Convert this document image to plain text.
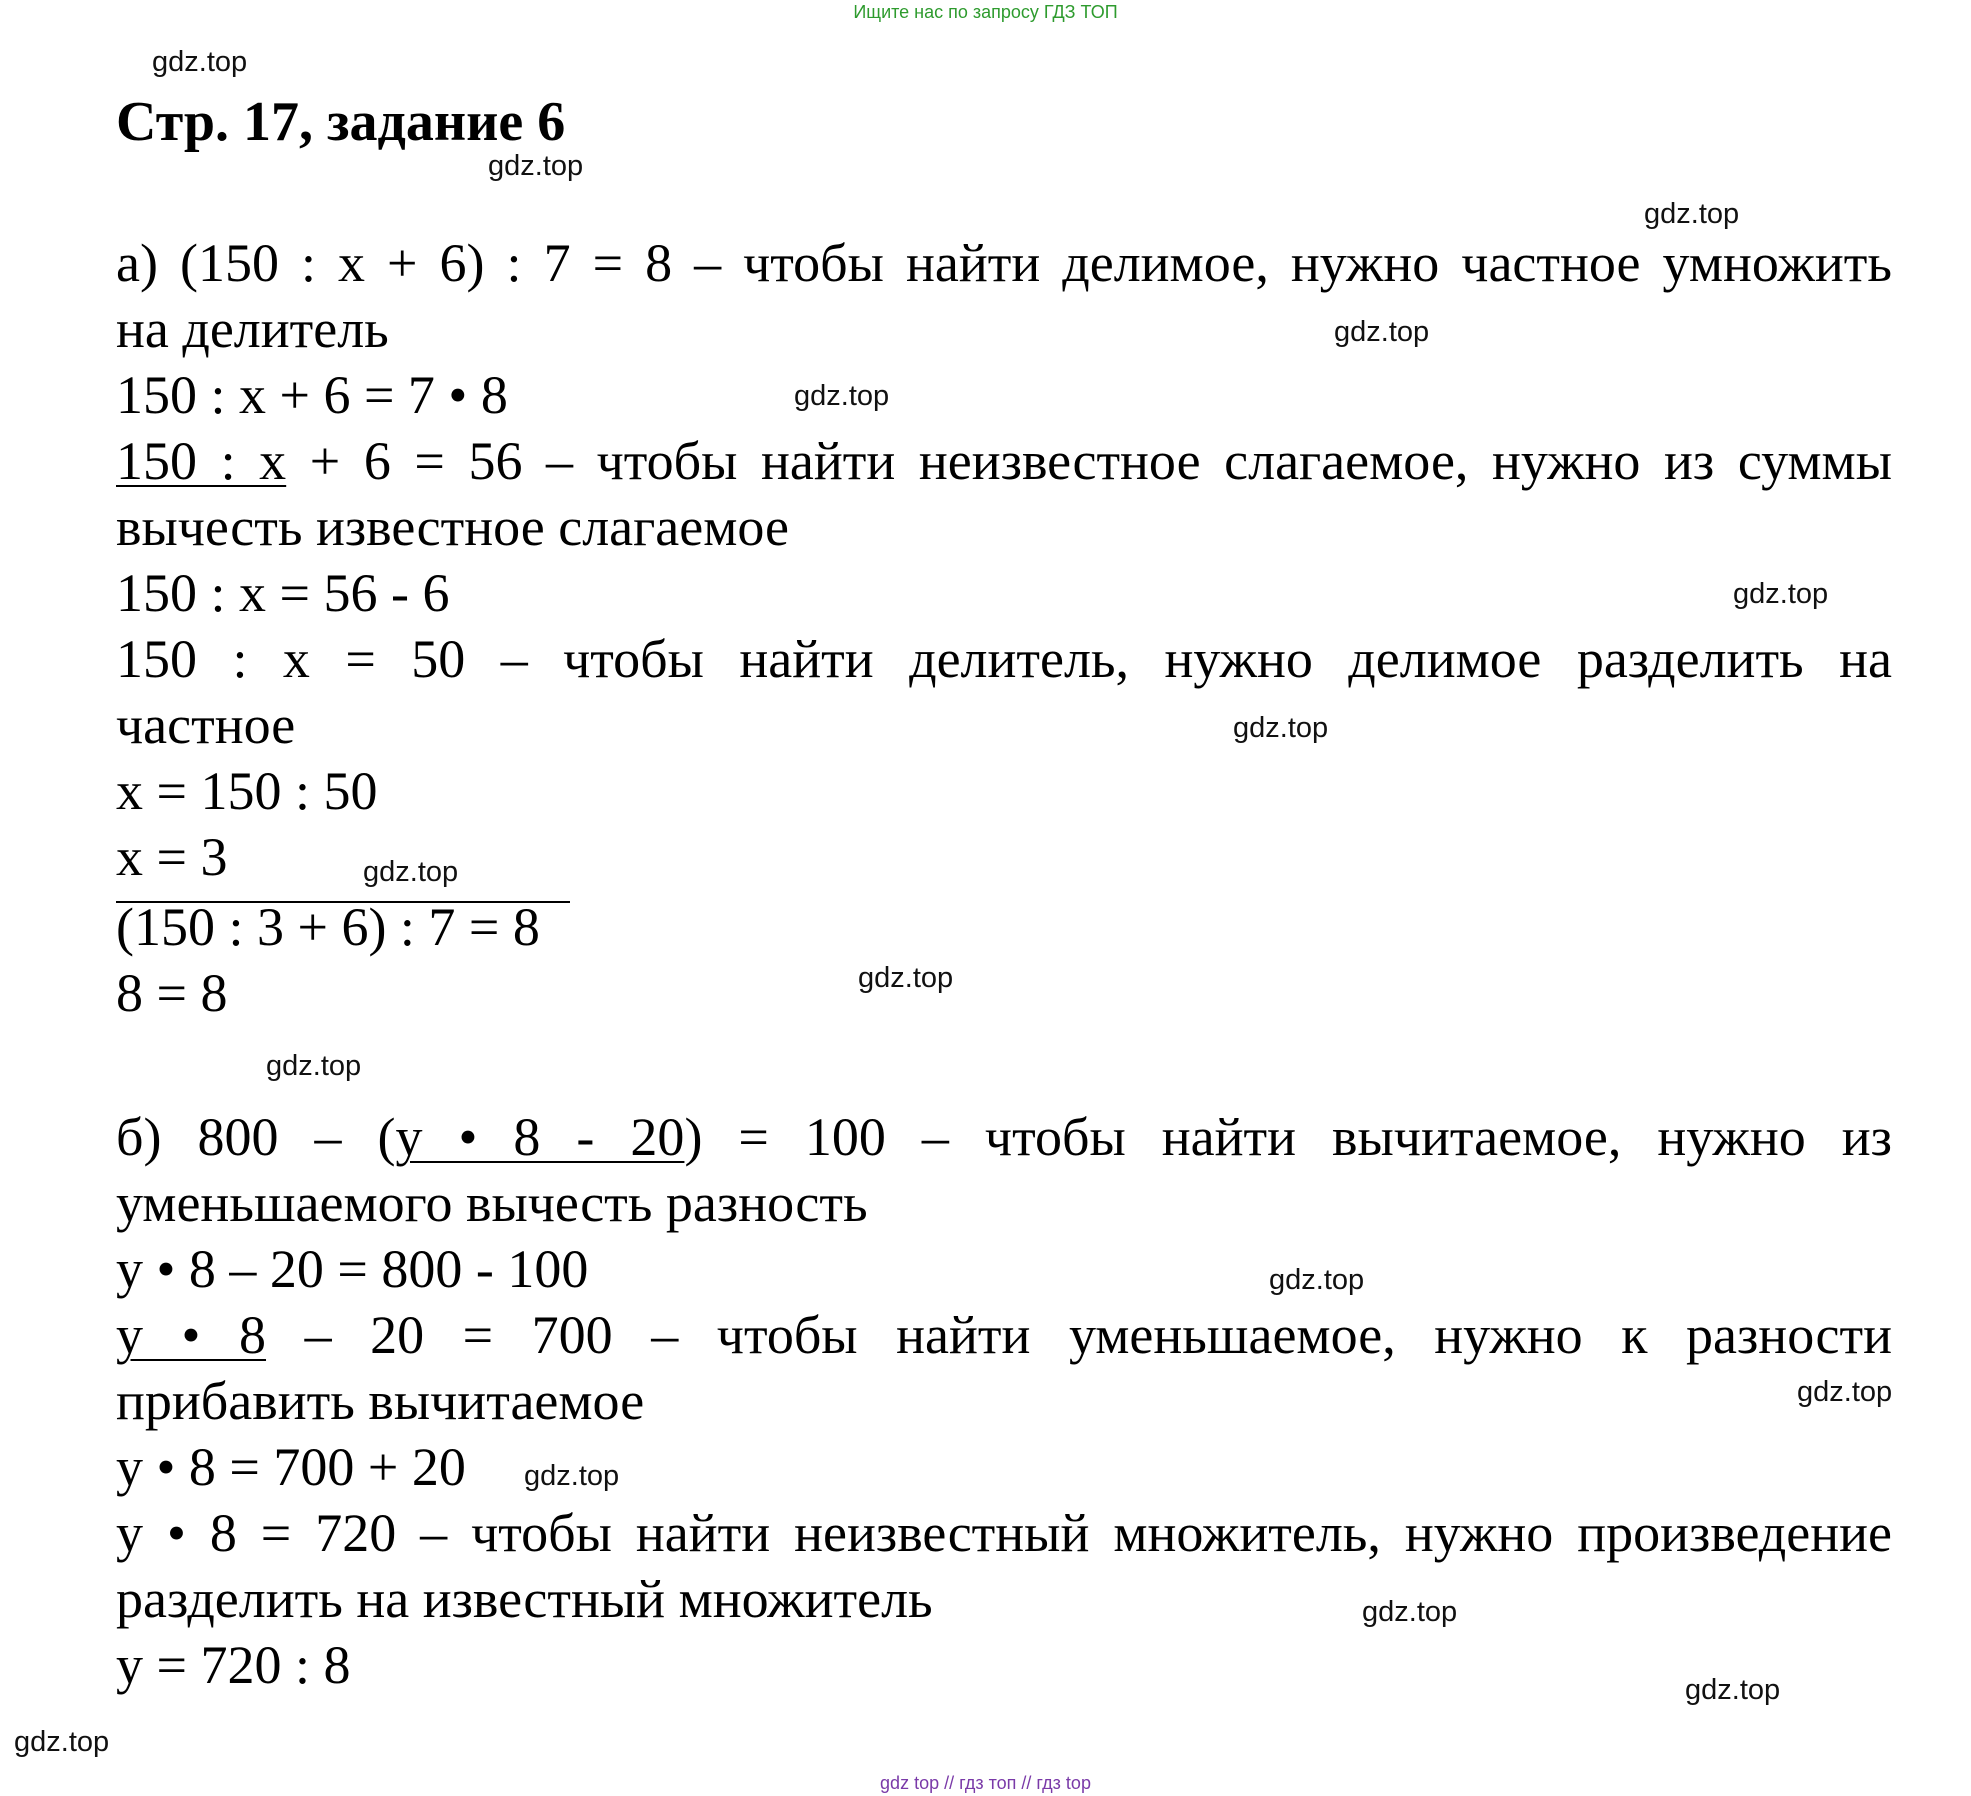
Ищите нас по запросу ГДЗ ТОП
Стр. 17, задание 6
а) (150 : x + 6) : 7 = 8 – чтобы найти делимое, нужно частное умножить
на делитель
150 : x + 6 = 7 • 8
150 : x + 6 = 56 – чтобы найти неизвестное слагаемое, нужно из суммы
вычесть известное слагаемое
150 : x = 56 - 6
150 : x = 50 – чтобы найти делитель, нужно делимое разделить на
частное
x = 150 : 50
x = 3
(150 : 3 + 6) : 7 = 8
8 = 8
б) 800 – (y • 8 - 20) = 100 – чтобы найти вычитаемое, нужно из
уменьшаемого вычесть разность
y • 8 – 20 = 800 - 100
y • 8 – 20 = 700 – чтобы найти уменьшаемое, нужно к разности
прибавить вычитаемое
y • 8 = 700 + 20
y • 8 = 720 – чтобы найти неизвестный множитель, нужно произведение
разделить на известный множитель
y = 720 : 8
gdz.top
gdz.top
gdz.top
gdz.top
gdz.top
gdz.top
gdz.top
gdz.top
gdz.top
gdz.top
gdz.top
gdz.top
gdz.top
gdz.top
gdz.top
gdz.top
gdz top // гдз топ // гдз top
